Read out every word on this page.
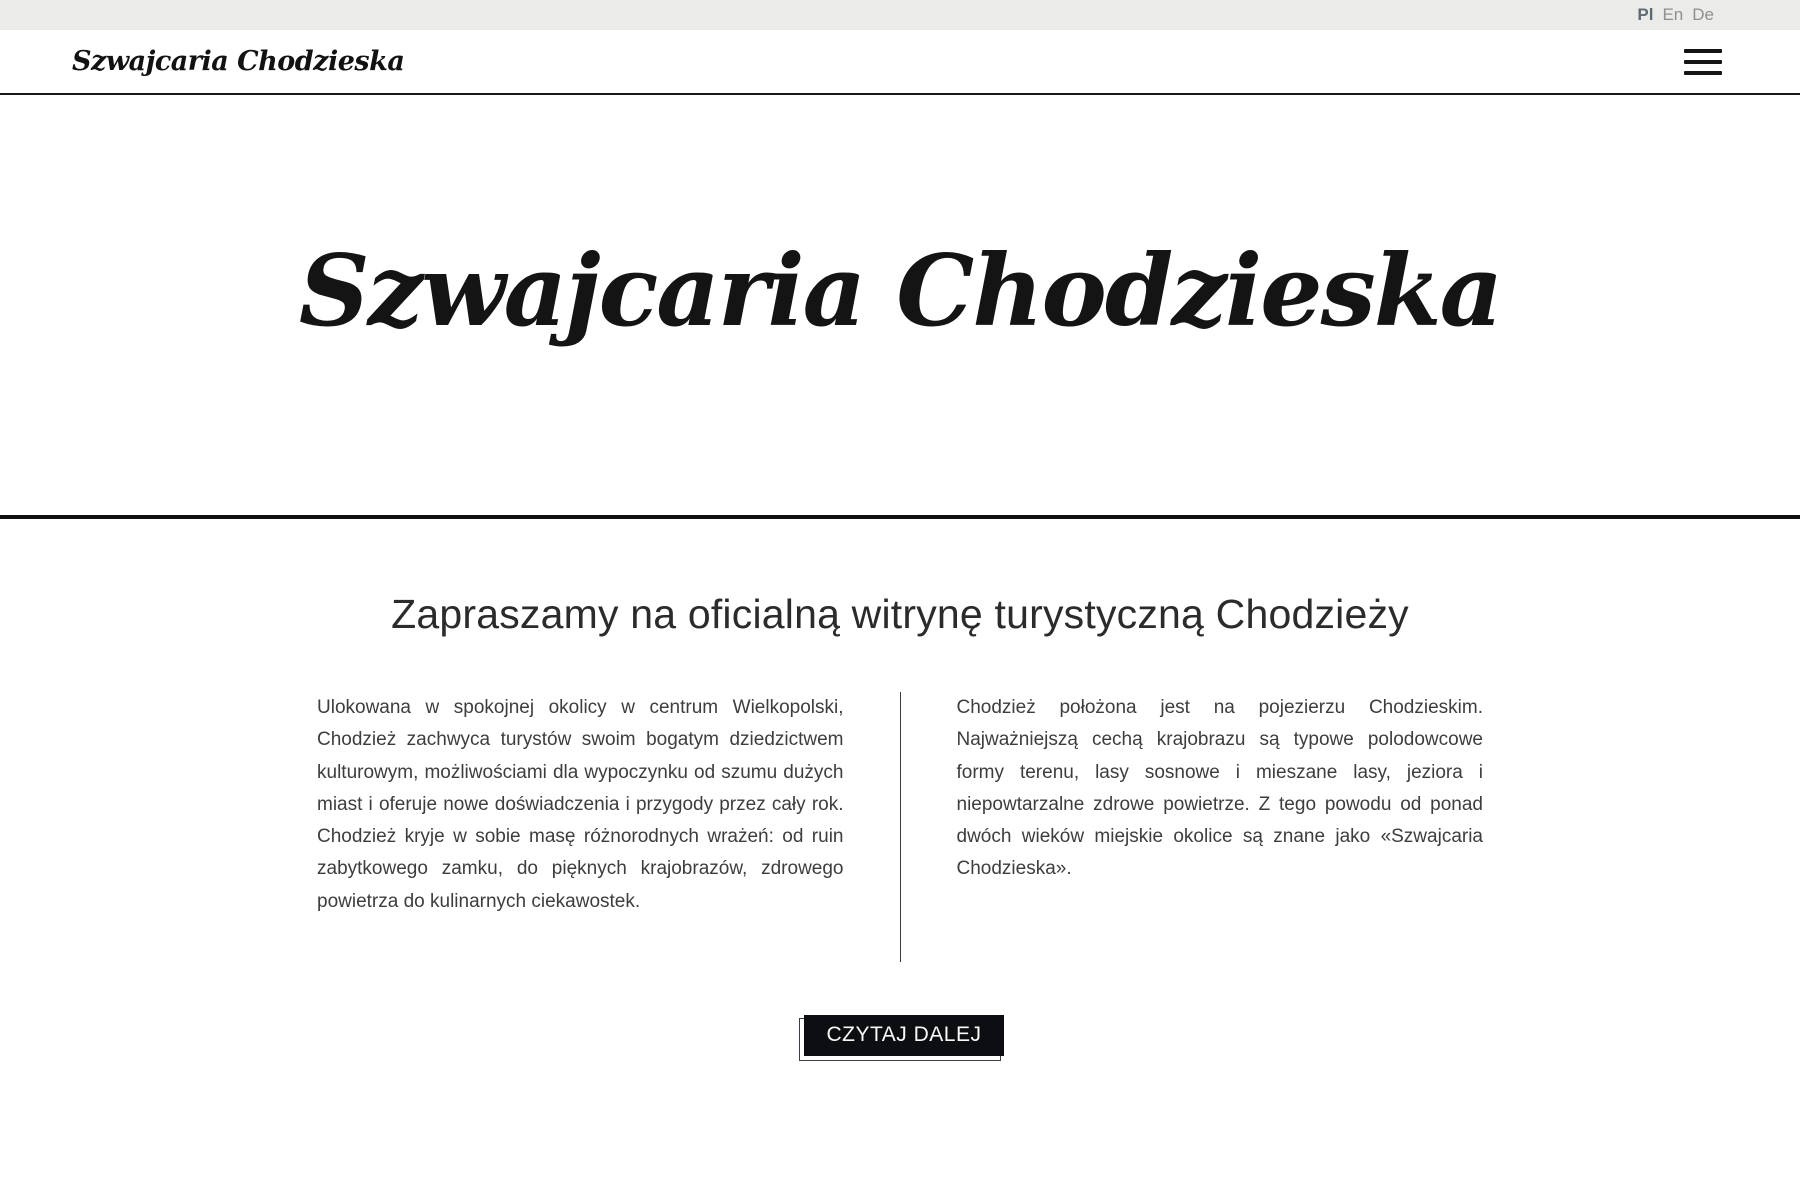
Pl En De
Szwajcaria Chodzieska
Szwajcaria Chodzieska
Zapraszamy na oficialną witrynę turystyczną Chodzieży

Ulokowana w spokojnej okolicy w centrum Wielkopolski, Chodzież zachwyca turystów swoim bogatym dziedzictwem kulturowym, możliwościami dla wypoczynku od szumu dużych miast i oferuje nowe doświadczenia i przygody przez cały rok. Chodzież kryje w sobie masę różnorodnych wrażeń: od ruin zabytkowego zamku, do pięknych krajobrazów, zdrowego powietrza do kulinarnych ciekawostek.

Chodzież położona jest na pojezierzu Chodzieskim. Najważniejszą cechą krajobrazu są typowe polodowcowe formy terenu, lasy sosnowe i mieszane lasy, jeziora i niepowtarzalne zdrowe powietrze. Z tego powodu od ponad dwóch wieków miejskie okolice są znane jako «Szwajcaria Chodzieska».

CZYTAJ DALEJ
